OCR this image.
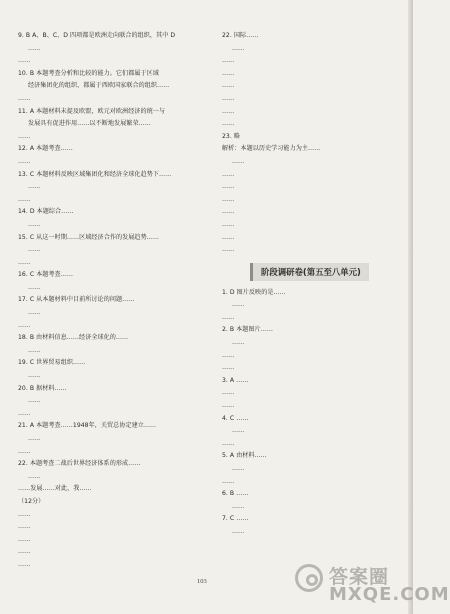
9. B A、B、C、D 四项都是欧洲走向联合的组织，其中 D
……
……
10. B 本题考查分析和比较的能力。它们都属于区域
经济集团化的组织，都属于西欧国家联合的组织……
……
11. A 本题材料未提及欧盟，欧元对欧洲经济的统一与
发展具有促进作用……以不断地发展繁荣……
……
12. A 本题考查……
……
13. C 本题材料反映区域集团化和经济全球化趋势下……
……
……
14. D 本题综合……
……
15. C 从这一时期……区域经济合作的发展趋势……
……
……
16. C 本题考查……
……
17. C 从本题材料中目前所讨论的问题……
……
……
18. B 由材料信息……经济全球化的……
……
19. C 世界贸易组织……
……
20. B 据材料……
……
……
21. A 本题考查……1948年，关贸总协定建立……
……
……
22. 本题考查二战后世界经济体系的形成……
……
……发展……对此，我……
（12分）
……
……
……
……
……
22. 国际……
……
……
……
……
……
……
……
23. 略
解析：本题以历史学习能力为主……
……
……
……
……
……
……
……
……
阶段调研卷(第五至八单元)
1. D 图片反映的是……
……
……
2. B 本题图片……
……
……
……
3. A ……
……
……
4. C ……
……
……
5. A 由材料……
……
……
6. B ……
……
7. C ……
……
103	答案圈
MXQE.COM
